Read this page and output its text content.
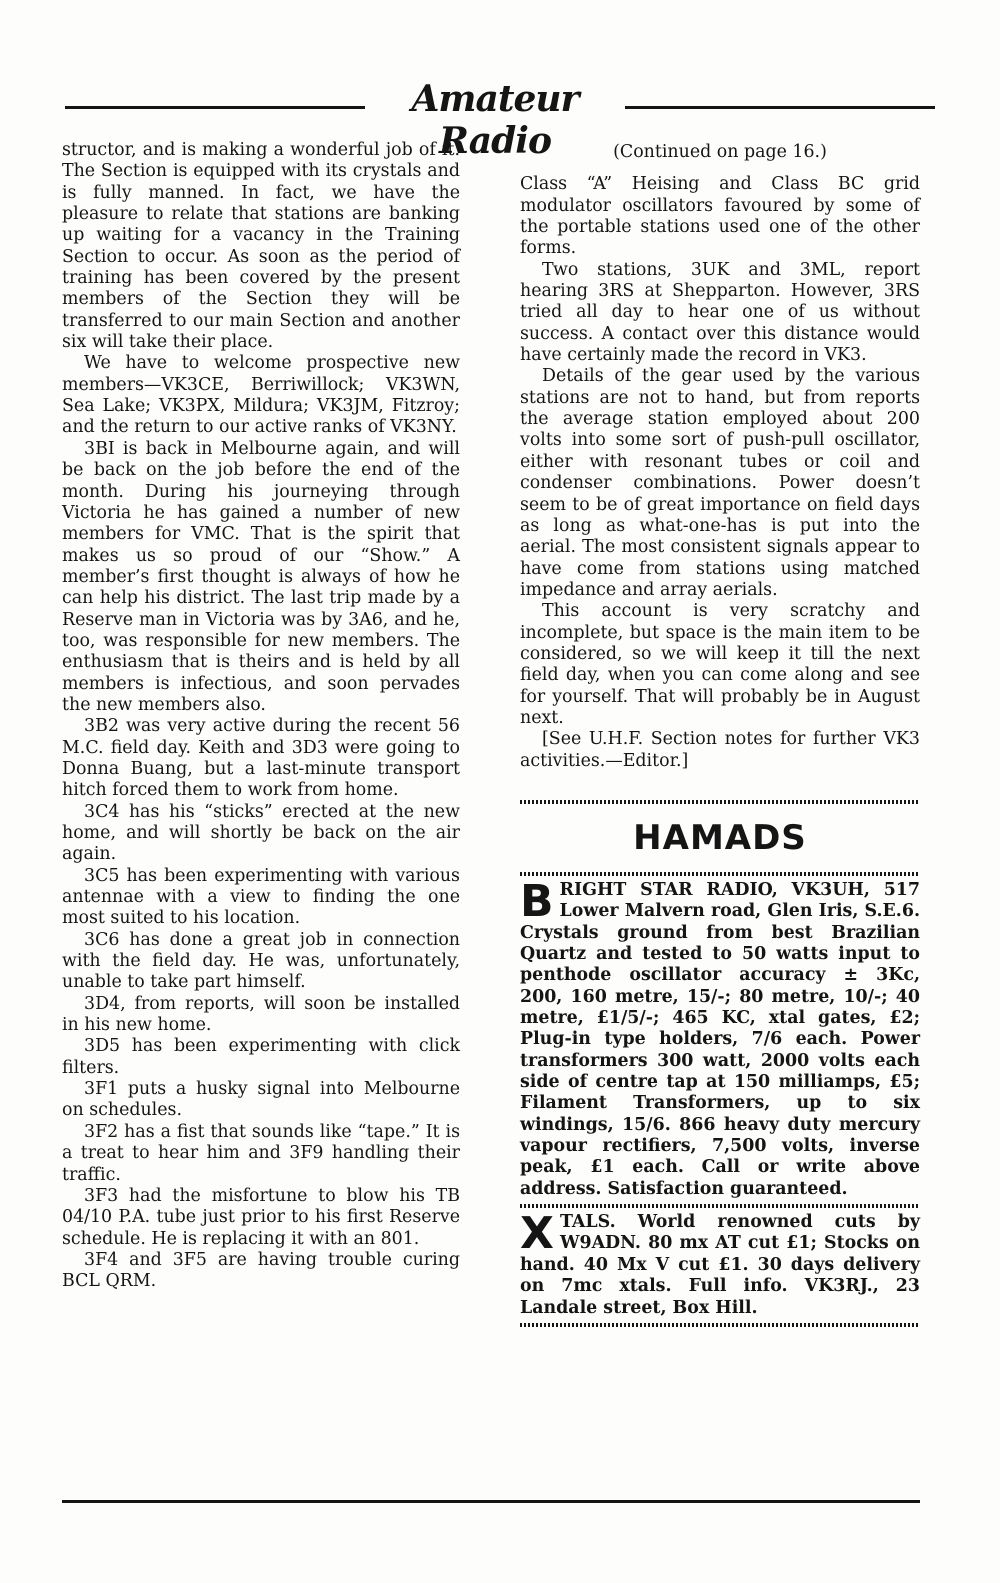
Amateur Radio

structor, and is making a wonderful job of it. The Section is equipped with its crystals and is fully manned. In fact, we have the pleasure to relate that stations are banking up waiting for a vacancy in the Training Section to occur. As soon as the period of training has been covered by the present members of the Section they will be transferred to our main Section and another six will take their place.

We have to welcome prospective new members—VK3CE, Berriwillock; VK3WN, Sea Lake; VK3PX, Mildura; VK3JM, Fitzroy; and the return to our active ranks of VK3NY.

3BI is back in Melbourne again, and will be back on the job before the end of the month. During his journeying through Victoria he has gained a number of new members for VMC. That is the spirit that makes us so proud of our “Show.” A member’s first thought is always of how he can help his district. The last trip made by a Reserve man in Victoria was by 3A6, and he, too, was responsible for new members. The enthusiasm that is theirs and is held by all members is infectious, and soon pervades the new members also.

3B2 was very active during the recent 56 M.C. field day. Keith and 3D3 were going to Donna Buang, but a last-minute transport hitch forced them to work from home.

3C4 has his “sticks” erected at the new home, and will shortly be back on the air again.

3C5 has been experimenting with various antennae with a view to finding the one most suited to his location.

3C6 has done a great job in connection with the field day. He was, unfortunately, unable to take part himself.

3D4, from reports, will soon be installed in his new home.

3D5 has been experimenting with click filters.

3F1 puts a husky signal into Melbourne on schedules.

3F2 has a fist that sounds like “tape.” It is a treat to hear him and 3F9 handling their traffic.

3F3 had the misfortune to blow his TB 04/10 P.A. tube just prior to his first Reserve schedule. He is replacing it with an 801.

3F4 and 3F5 are having trouble curing BCL QRM.

(Continued on page 16.)

Class “A” Heising and Class BC grid modulator oscillators favoured by some of the portable stations used one of the other forms.

Two stations, 3UK and 3ML, report hearing 3RS at Shepparton. However, 3RS tried all day to hear one of us without success. A contact over this distance would have certainly made the record in VK3.

Details of the gear used by the various stations are not to hand, but from reports the average station employed about 200 volts into some sort of push-pull oscillator, either with resonant tubes or coil and condenser combinations. Power doesn’t seem to be of great importance on field days as long as what-one-has is put into the aerial. The most consistent signals appear to have come from stations using matched impedance and array aerials.

This account is very scratchy and incomplete, but space is the main item to be considered, so we will keep it till the next field day, when you can come along and see for yourself. That will probably be in August next.

[See U.H.F. Section notes for further VK3 activities.—Editor.]

HAMADS

BRIGHT STAR RADIO, VK3UH, 517 Lower Malvern road, Glen Iris, S.E.6. Crystals ground from best Brazilian Quartz and tested to 50 watts input to penthode oscillator accuracy ± 3Kc, 200, 160 metre, 15/-; 80 metre, 10/-; 40 metre, £1/5/-; 465 KC, xtal gates, £2; Plug-in type holders, 7/6 each. Power transformers 300 watt, 2000 volts each side of centre tap at 150 milliamps, £5; Filament Transformers, up to six windings, 15/6. 866 heavy duty mercury vapour rectifiers, 7,500 volts, inverse peak, £1 each. Call or write above address. Satisfaction guaranteed.

XTALS. World renowned cuts by W9ADN. 80 mx AT cut £1; Stocks on hand. 40 Mx V cut £1. 30 days delivery on 7mc xtals. Full info. VK3RJ., 23 Landale street, Box Hill.
